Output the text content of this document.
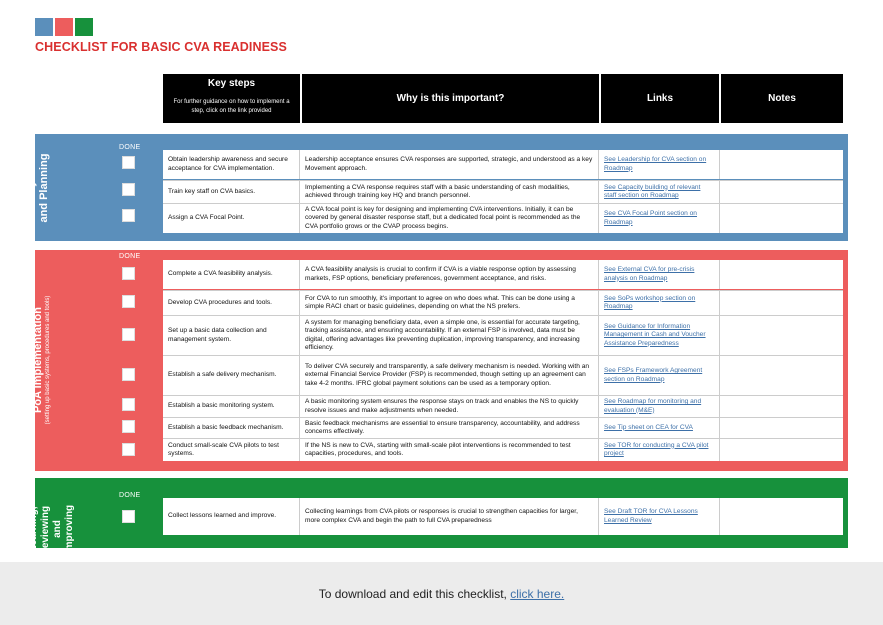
CHECKLIST FOR BASIC CVA READINESS
Key steps
For further guidance on how to implement a step, click on the link provided
Why is this important?	Links	Notes
Analysis and Planning
DONE
Obtain leadership awareness and secure acceptance for CVA implementation.
Leadership acceptance ensures CVA responses are supported, strategic, and understood as a key Movement approach.
See Leadership for CVA section on Roadmap
Train key staff on CVA basics.
Implementing a CVA response requires staff with a basic understanding of cash modalities, achieved through training key HQ and branch personnel.
See Capacity building of relevant staff section on Roadmap
Assign a CVA Focal Point.
A CVA focal point is key for designing and implementing CVA interventions. Initially, it can be covered by general disaster response staff, but a dedicated focal point is recommended as the CVA portfolio grows or the CVAP process begins.
See CVA Focal Point section on Roadmap
PoA implementation (setting up basic systems, procedures and tools)
DONE
Complete a CVA feasibility analysis.
A CVA feasibility analysis is crucial to confirm if CVA is a viable response option by assessing markets, FSP options, beneficiary preferences, government acceptance, and risks.
See External CVA for pre-crisis analysis on Roadmap
Develop CVA procedures and tools.
For CVA to run smoothly, it's important to agree on who does what. This can be done using a simple RACI chart or basic guidelines, depending on what the NS prefers.
See SoPs workshop section on Roadmap
Set up a basic data collection and management system.
A system for managing beneficiary data, even a simple one, is essential for accurate targeting, tracking assistance, and ensuring accountability. If an external FSP is involved, data must be digital, offering advantages like preventing duplication, improving transparency, and increasing efficiency.
See Guidance for Information Management in Cash and Voucher Assistance Preparedness
Establish a safe delivery mechanism.
To deliver CVA securely and transparently, a safe delivery mechanism is needed. Working with an external Financial Service Provider (FSP) is recommended, though setting up an agreement can take 4-2 months. IFRC global payment solutions can be used as a temporary option.
See FSPs Framework Agreement section on Roadmap
Establish a basic monitoring system.
A basic monitoring system ensures the response stays on track and enables the NS to quickly resolve issues and make adjustments when needed.
See Roadmap for monitoring and evaluation (M&E)
Establish a basic feedback mechanism.
Basic feedback mechanisms are essential to ensure transparency, accountability, and address concerns effectively.
See Tip sheet on CEA for CVA
Conduct small-scale CVA pilots to test systems.
If the NS is new to CVA, starting with small-scale pilot interventions is recommended to test capacities, procedures, and tools.
See TOR for conducting a CVA pilot project
Learning, reviewing and improving
DONE
Collect lessons learned and improve.
Collecting learnings from CVA pilots or responses is crucial to strengthen capacities for larger, more complex CVA and begin the path to full CVA preparedness
See Draft TOR for CVA Lessons Learned Review
To download and edit this checklist, click here.
